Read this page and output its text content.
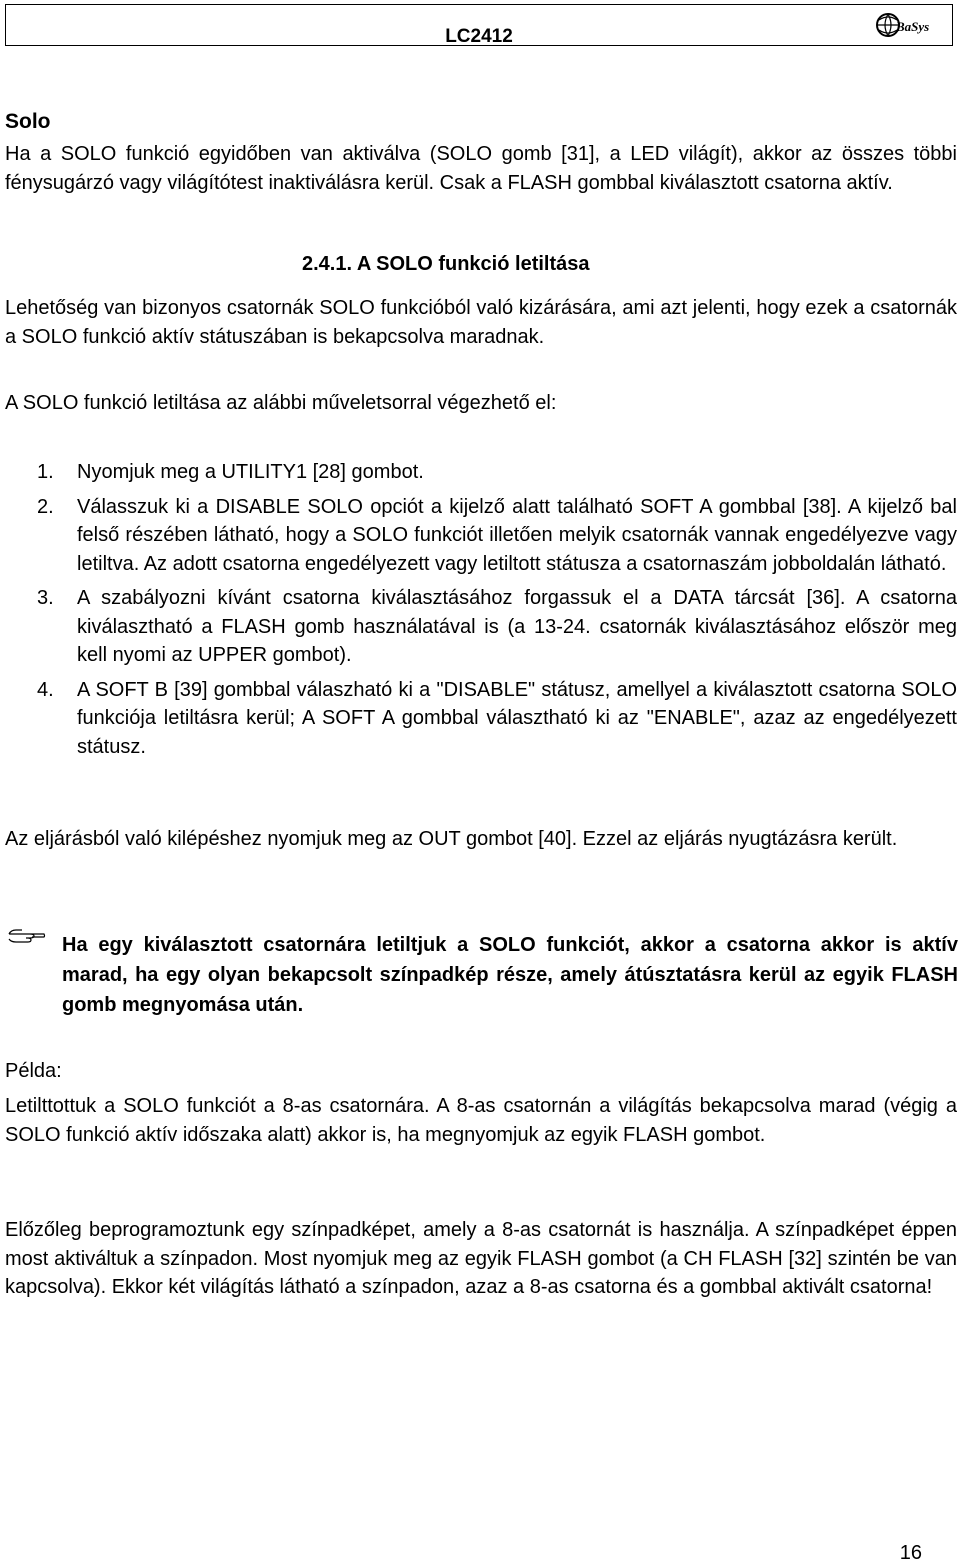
LC2412	BaSys
Solo

Ha a SOLO funkció egyidőben van aktiválva (SOLO gomb [31], a LED világít), akkor az összes többi fénysugárzó vagy világítótest inaktiválásra kerül. Csak a FLASH gombbal kiválasztott csatorna aktív.

2.4.1. A SOLO funkció letiltása

Lehetőség van bizonyos csatornák SOLO funkcióból való kizárására, ami azt jelenti, hogy ezek a csatornák a SOLO funkció aktív státuszában is bekapcsolva maradnak.

A SOLO funkció letiltása az alábbi műveletsorral végezhető el:

1. Nyomjuk meg a UTILITY1 [28] gombot.
2. Válasszuk ki a DISABLE SOLO opciót a kijelző alatt található SOFT A gombbal [38]. A kijelző bal felső részében látható, hogy a SOLO funkciót illetően melyik csatornák vannak engedélyezve vagy letiltva. Az adott csatorna engedélyezett vagy letiltott státusza a csatornaszám jobboldalán látható.
3. A szabályozni kívánt csatorna kiválasztásához forgassuk el a DATA tárcsát [36]. A csatorna kiválasztható a FLASH gomb használatával is (a 13-24. csatornák kiválasztásához először meg kell nyomi az UPPER gombot).
4. A SOFT B [39] gombbal válaszható ki a "DISABLE" státusz, amellyel a kiválasztott csatorna SOLO funkciója letiltásra kerül; A SOFT A gombbal választható ki az "ENABLE", azaz az engedélyezett státusz.

Az eljárásból való kilépéshez nyomjuk meg az OUT gombot [40]. Ezzel az eljárás nyugtázásra került.

Ha egy kiválasztott csatornára letiltjuk a SOLO funkciót, akkor a csatorna akkor is aktív marad, ha egy olyan bekapcsolt színpadkép része, amely átúsztatásra kerül az egyik FLASH gomb megnyomása után.

Példa:

Letilttottuk a SOLO funkciót a 8-as csatornára. A 8-as csatornán a világítás bekapcsolva marad (végig a SOLO funkció aktív időszaka alatt) akkor is, ha megnyomjuk az egyik FLASH gombot.

Előzőleg beprogramoztunk egy színpadképet, amely a 8-as csatornát is használja. A színpadképet éppen most aktiváltuk a színpadon. Most nyomjuk meg az egyik FLASH gombot (a CH FLASH [32] szintén be van kapcsolva). Ekkor két világítás látható a színpadon, azaz a 8-as csatorna és a gombbal aktivált csatorna!

16
